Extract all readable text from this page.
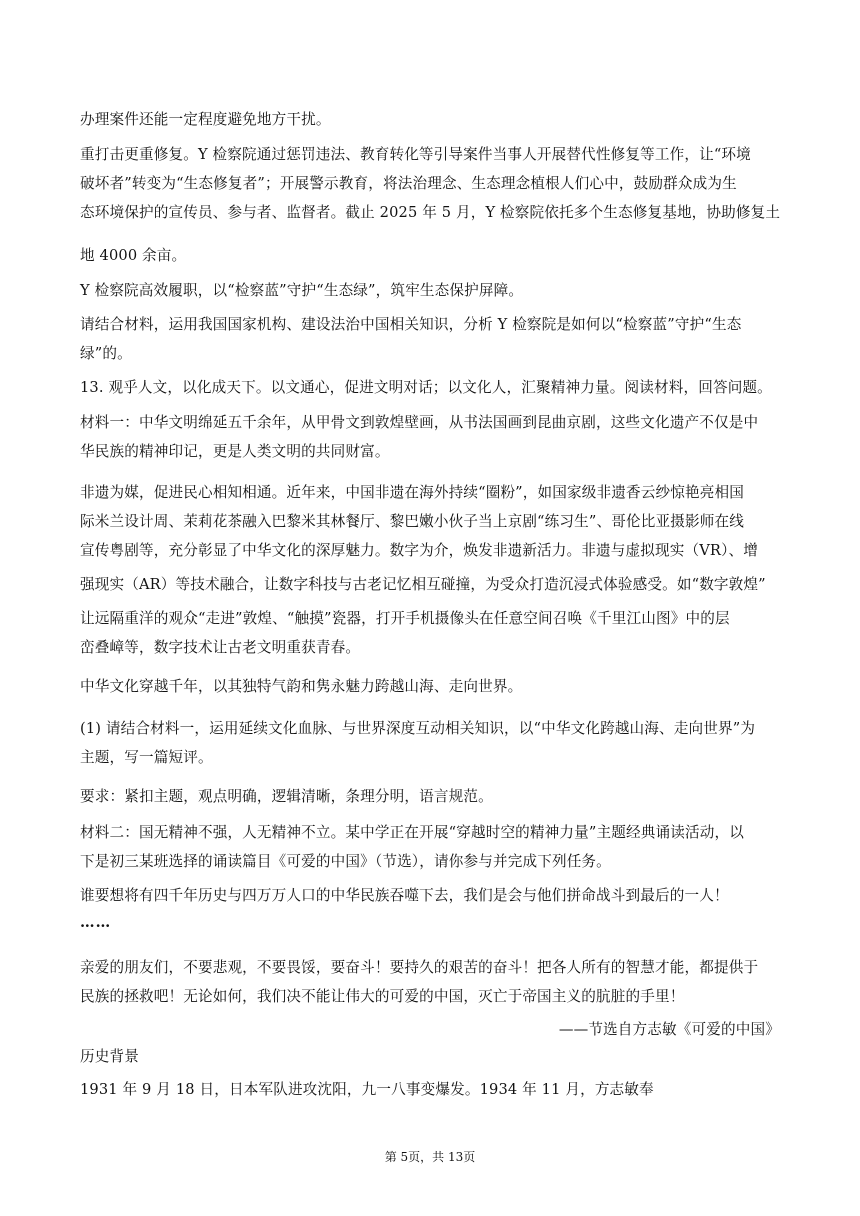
办理案件还能一定程度避免地方干扰。
重打击更重修复。Y 检察院通过惩罚违法、教育转化等引导案件当事人开展替代性修复等工作，让“环境
破坏者”转变为“生态修复者”；开展警示教育，将法治理念、生态理念植根人们心中，鼓励群众成为生
态环境保护的宣传员、参与者、监督者。截止 2025 年 5 月，Y 检察院依托多个生态修复基地，协助修复土
地 4000 余亩。
Y 检察院高效履职，以“检察蓝”守护“生态绿”，筑牢生态保护屏障。
请结合材料，运用我国国家机构、建设法治中国相关知识，分析 Y 检察院是如何以“检察蓝”守护“生态
绿”的。
13. 观乎人文，以化成天下。以文通心，促进文明对话；以文化人，汇聚精神力量。阅读材料，回答问题。
材料一：中华文明绵延五千余年，从甲骨文到敦煌壁画，从书法国画到昆曲京剧，这些文化遗产不仅是中
华民族的精神印记，更是人类文明的共同财富。
非遗为媒，促进民心相知相通。近年来，中国非遗在海外持续“圈粉”，如国家级非遗香云纱惊艳亮相国
际米兰设计周、茉莉花茶融入巴黎米其林餐厅、黎巴嫩小伙子当上京剧“练习生”、哥伦比亚摄影师在线
宣传粤剧等，充分彰显了中华文化的深厚魅力。数字为介，焕发非遗新活力。非遗与虚拟现实（VR）、增
强现实（AR）等技术融合，让数字科技与古老记忆相互碰撞，为受众打造沉浸式体验感受。如“数字敦煌”
让远隔重洋的观众“走进”敦煌、“触摸”瓷器，打开手机摄像头在任意空间召唤《千里江山图》中的层
峦叠嶂等，数字技术让古老文明重获青春。
中华文化穿越千年，以其独特气韵和隽永魅力跨越山海、走向世界。
(1) 请结合材料一，运用延续文化血脉、与世界深度互动相关知识，以“中华文化跨越山海、走向世界”为
主题，写一篇短评。
要求：紧扣主题，观点明确，逻辑清晰，条理分明，语言规范。
材料二：国无精神不强，人无精神不立。某中学正在开展“穿越时空的精神力量”主题经典诵读活动，以
下是初三某班选择的诵读篇目《可爱的中国》（节选），请你参与并完成下列任务。
谁要想将有四千年历史与四万万人口的中华民族吞噬下去，我们是会与他们拼命战斗到最后的一人！
……
亲爱的朋友们，不要悲观，不要畏馁，要奋斗！要持久的艰苦的奋斗！把各人所有的智慧才能，都提供于
民族的拯救吧！无论如何，我们决不能让伟大的可爱的中国，灭亡于帝国主义的肮脏的手里！
——节选自方志敏《可爱的中国》
历史背景
1931 年 9 月 18 日，日本军队进攻沈阳，九一八事变爆发。1934 年 11 月，方志敏奉
第 5页，共 13页
